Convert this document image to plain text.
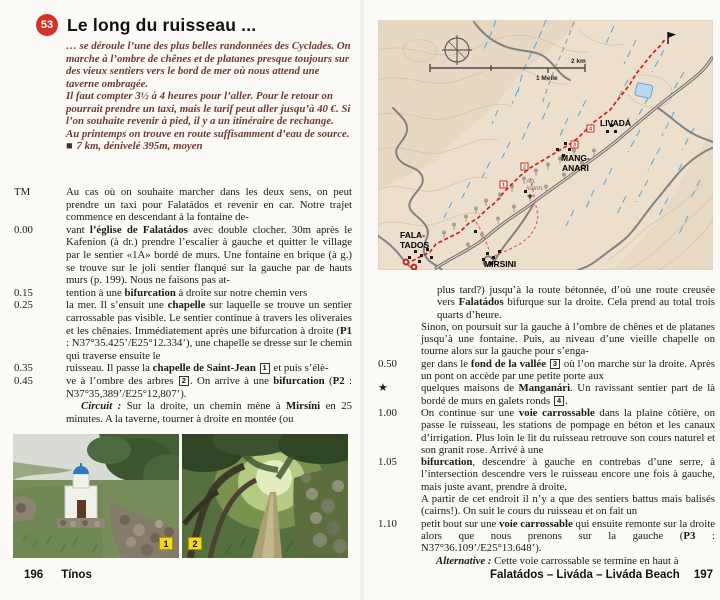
53 Le long du ruisseau ...

… se déroule l’une des plus belles randonnées des Cyclades. On marche à l’ombre de chênes et de platanes presque toujours sur des vieux sentiers vers le bord de mer où nous attend une taverne ombragée.

Il faut compter 3½ à 4 heures pour l’aller. Pour le retour on pourrait prendre un taxi, mais le tarif peut aller jusqu’à 40 €. Si l’on souhaite revenir à pied, il y a un itinéraire de rechange.

Au printemps on trouve en route suffisamment d’eau de source.

■ 7 km, dénivelé 395m, moyen

TM	Au cas où on souhaite marcher dans les deux sens, on peut prendre un taxi pour Falatádos et revenir en car. Notre trajet commence en descendant à la fontaine de-

0.00	vant l’église de Falatádos avec double clocher. 30m après le Kafeníon (à dr.) prendre l’escalier à gauche et quitter le village par le sentier «1A» bordé de murs. Une fontaine en brique (à g.) se trouve sur le joli sentier flanqué sur la gauche par de hauts murs (p. 199). Nous ne faisons pas at-

0.15	tention à une bifurcation à droite sur notre chemin vers

0.25	la mer. Il s’ensuit une chapelle sur laquelle se trouve un sentier carrossable pas visible. Le sentier continue à travers les oliveraies et les chênaies. Immédiatement après une bifurcation à droite (P1 : N37°35.425’/E25°12.334’), une chapelle se dresse sur le chemin qui traverse ensuite le

0.35	ruisseau. Il passe la chapelle de Saint-Jean 1 et puis s’élè-

0.45	ve à l’ombre des arbres 2 . On arrive à une bifurcation (P2 : N37°35,389’/E25°12,807’).

Circuit : Sur la droite, un chemin mène à Mirsíni en 25 minutes. A la taverne, tourner à droite en montée (ou

1	2
196 Tínos
2 km
1 Meile
1
2
3
4
LIVADÁ
MANG-
ANARI
FALA-
TADOS
MIRSINI
Ag.
Ioann.

plus tard?) jusqu’à la route bétonnée, d’où une route creusée vers Falatádos bifurque sur la droite. Cela prend au total trois quarts d’heure.

Sinon, on poursuit sur la gauche à l’ombre de chênes et de platanes jusqu’à une fontaine. Puis, au niveau d’une vieille chapelle on tourne alors sur la gauche pour s’enga-

0.50	ger dans le fond de la vallée 3 où l’on marche sur la droite. Après un pont on accède par une petite porte aux

★	quelques maisons de Manganári. Un ravissant sentier part de là bordé de murs en galets ronds 4 .

1.00	On continue sur une voie carrossable dans la plaine côtière, on passe le ruisseau, les stations de pompage en béton et les canaux d’irrigation. Plus loin le lit du ruisseau retrouve son cours naturel et son granit rose. Arrivé à une

1.05	bifurcation, descendre à gauche en contrebas d’une serre, à l’intersection descendre vers le ruisseau encore une fois à gauche, mais juste avant, prendre à droite.

A partir de cet endroit il n’y a que des sentiers battus mais balisés (cairns!). On suit le cours du ruisseau et on fait un

1.10	petit bout sur une voie carrossable qui ensuite remonte sur la droite alors que nous prenons sur la gauche (P3 : N37°36.109’/E25°13.648’).

Alternative : Cette voie carrossable se termine en haut à

Falatádos – Liváda – Liváda Beach 197
